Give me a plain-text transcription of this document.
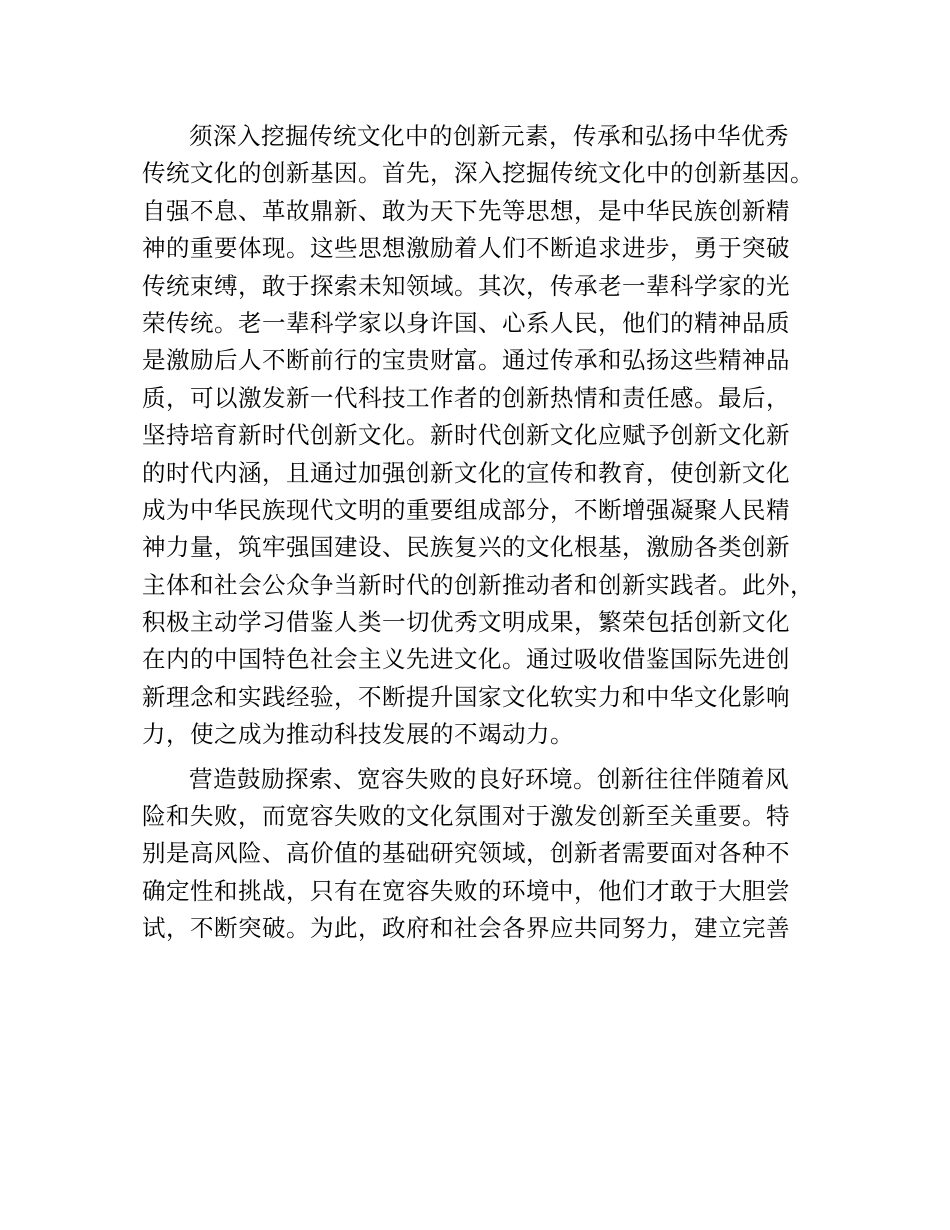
须深入挖掘传统文化中的创新元素，传承和弘扬中华优秀
传统文化的创新基因。首先，深入挖掘传统文化中的创新基因。
自强不息、革故鼎新、敢为天下先等思想，是中华民族创新精
神的重要体现。这些思想激励着人们不断追求进步，勇于突破
传统束缚，敢于探索未知领域。其次，传承老一辈科学家的光
荣传统。老一辈科学家以身许国、心系人民，他们的精神品质
是激励后人不断前行的宝贵财富。通过传承和弘扬这些精神品
质，可以激发新一代科技工作者的创新热情和责任感。最后，
坚持培育新时代创新文化。新时代创新文化应赋予创新文化新
的时代内涵，且通过加强创新文化的宣传和教育，使创新文化
成为中华民族现代文明的重要组成部分，不断增强凝聚人民精
神力量，筑牢强国建设、民族复兴的文化根基，激励各类创新
主体和社会公众争当新时代的创新推动者和创新实践者。此外，
积极主动学习借鉴人类一切优秀文明成果，繁荣包括创新文化
在内的中国特色社会主义先进文化。通过吸收借鉴国际先进创
新理念和实践经验，不断提升国家文化软实力和中华文化影响
力，使之成为推动科技发展的不竭动力。
营造鼓励探索、宽容失败的良好环境。创新往往伴随着风
险和失败，而宽容失败的文化氛围对于激发创新至关重要。特
别是高风险、高价值的基础研究领域，创新者需要面对各种不
确定性和挑战，只有在宽容失败的环境中，他们才敢于大胆尝
试，不断突破。为此，政府和社会各界应共同努力，建立完善
